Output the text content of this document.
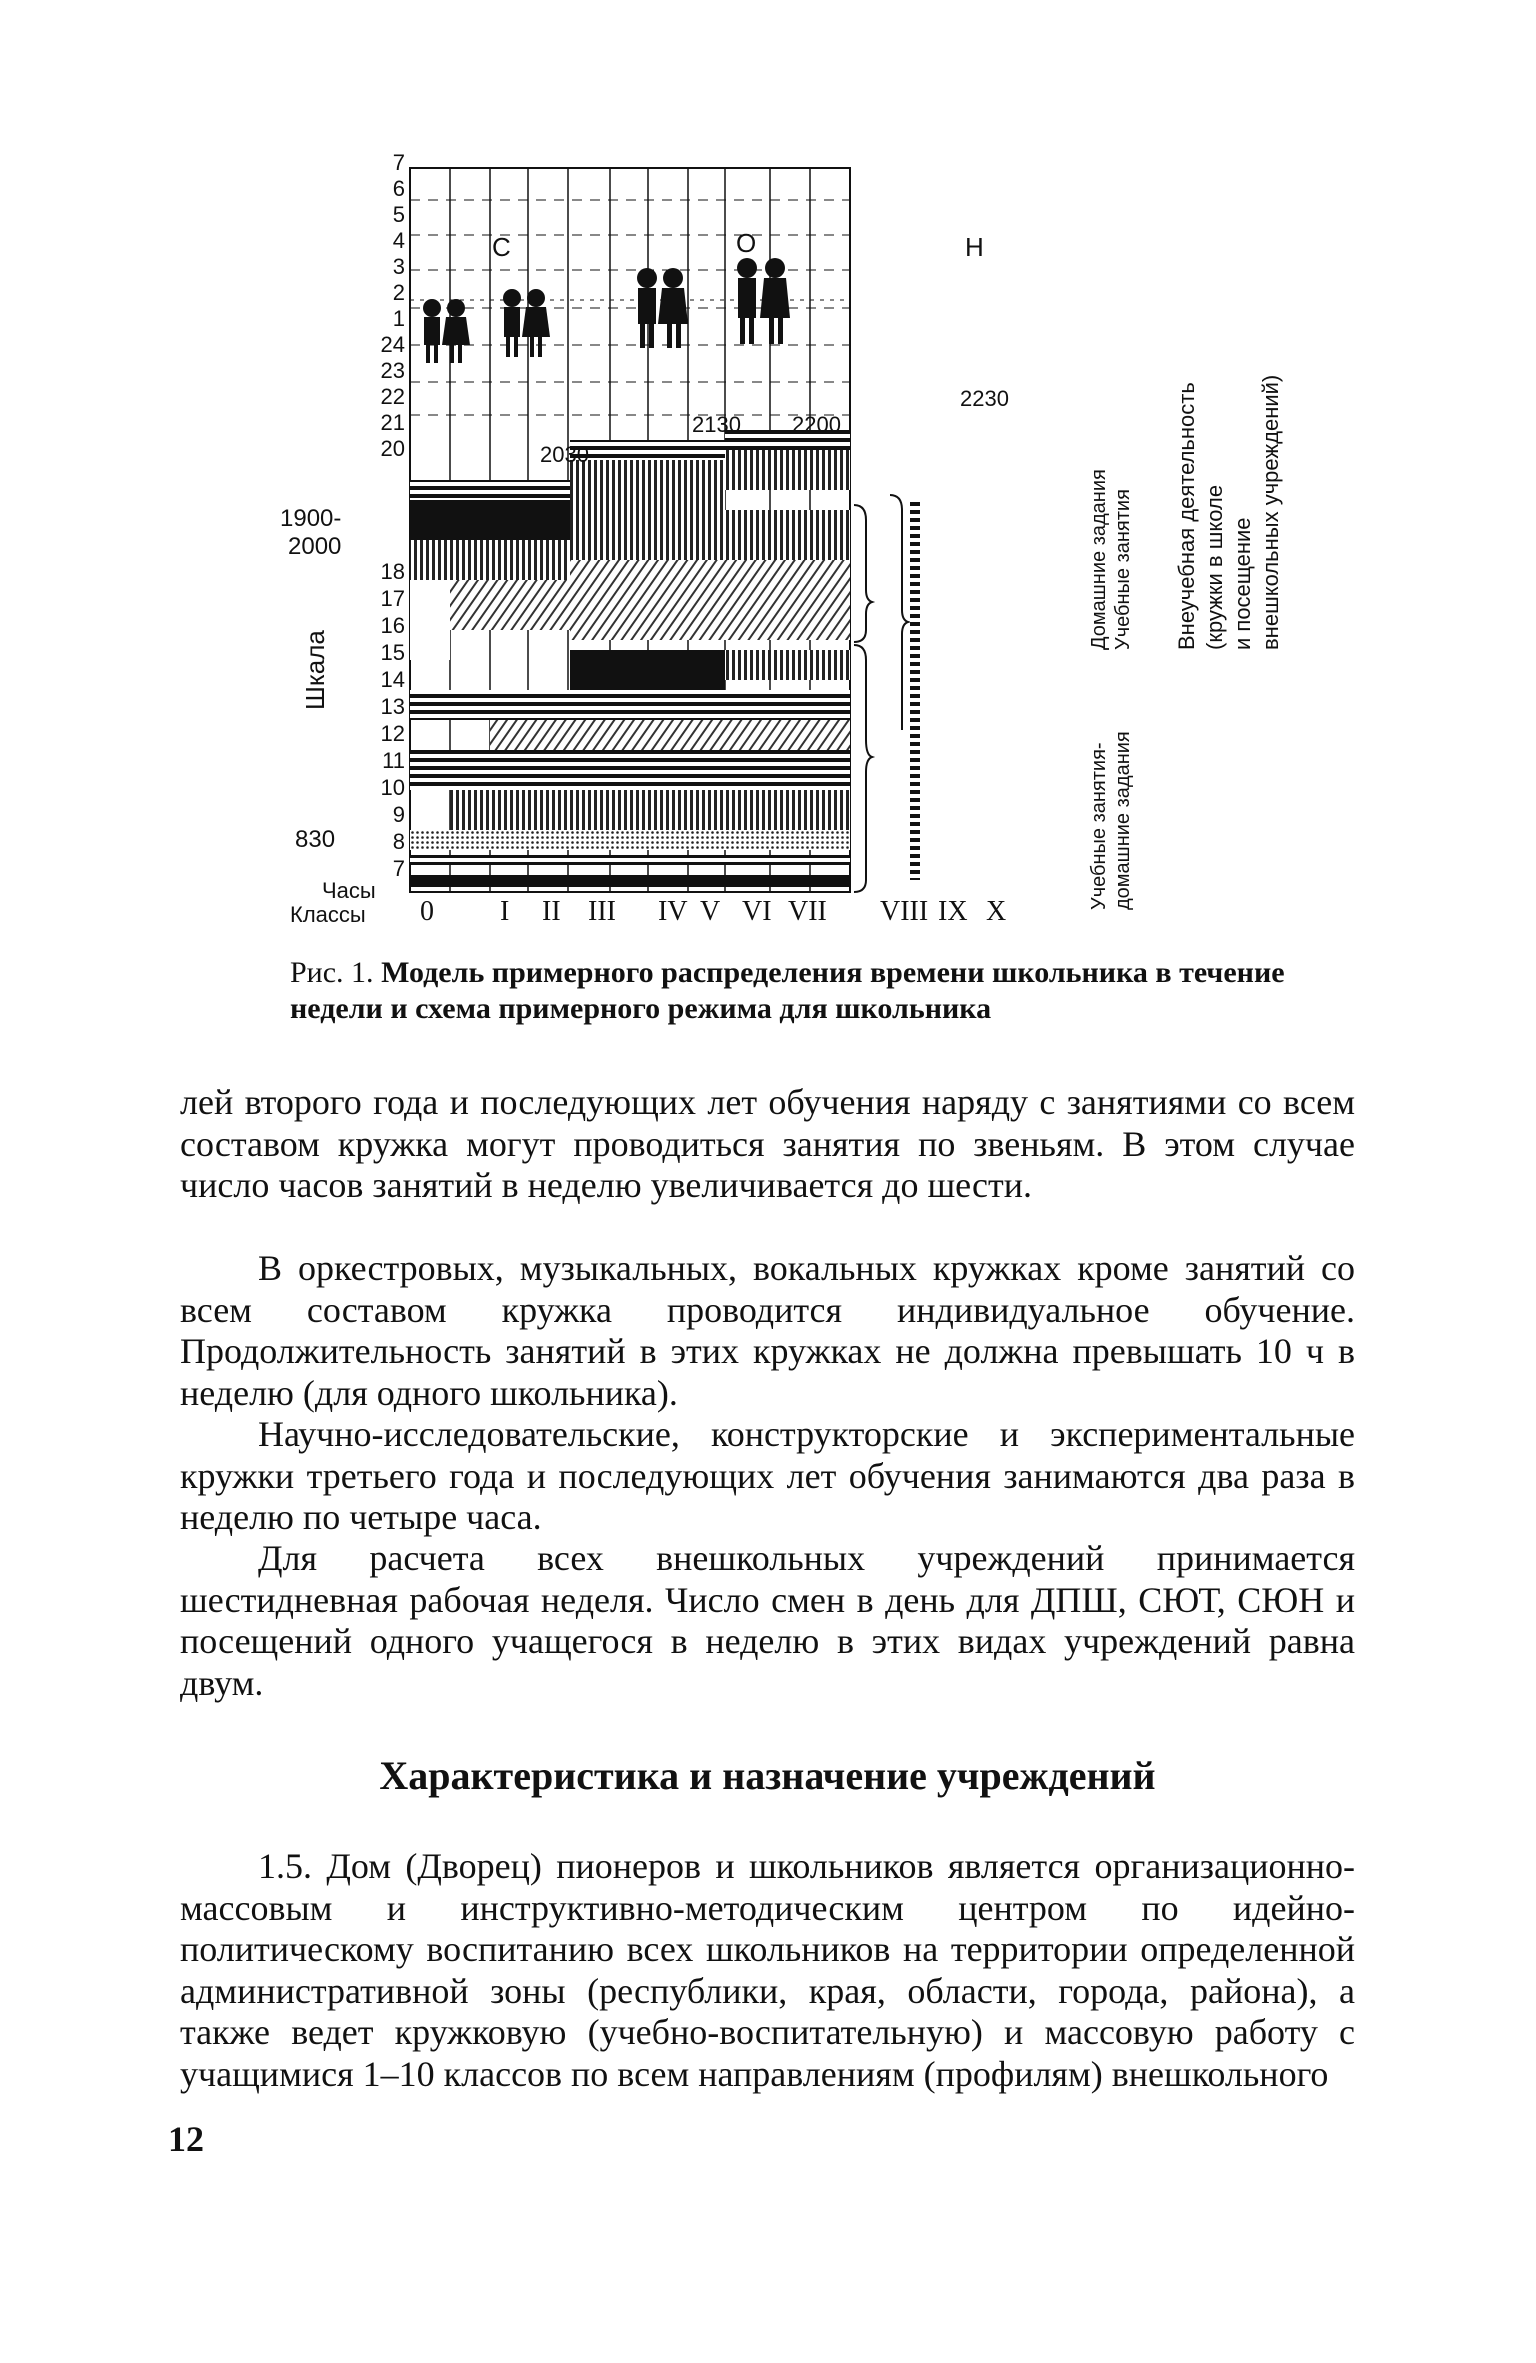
7
6
5
4
3
2
1
24
23
22
21
20
18
17
16
15
14
13
12
11
10
9
8
7
1900-
2000
830
Шкала
Часы
Классы
С	О	Н
2030
2130 2200
2230
0 I II III IV V VI VII VIII IX X
Домашние задания Учебные занятия
Учебные занятия- домашние задания
Внеучебная деятельность (кружки в школе и посещение внешкольных учреждений)

Рис. 1. Модель примерного распределения времени школьника в течение недели и схема примерного режима для школьника

лей второго года и последующих лет обучения наряду с занятиями со всем составом кружка могут проводиться занятия по звеньям. В этом случае число часов занятий в неделю увеличивается до шести.

В оркестровых, музыкальных, вокальных кружках кроме занятий со всем составом кружка проводится индивидуальное обучение. Продолжительность занятий в этих кружках не должна превышать 10 ч в неделю (для одного школьника).

Научно-исследовательские, конструкторские и экспериментальные кружки третьего года и последующих лет обучения занимаются два раза в неделю по четыре часа.

Для расчета всех внешкольных учреждений принимается шестидневная рабочая неделя. Число смен в день для ДПШ, СЮТ, СЮН и посещений одного учащегося в неделю в этих видах учреждений равна двум.

Характеристика и назначение учреждений

1.5. Дом (Дворец) пионеров и школьников является организационно-массовым и инструктивно-методическим центром по идейно-политическому воспитанию всех школьников на территории определенной административной зоны (республики, края, области, города, района), а также ведет кружковую (учебно-воспитательную) и массовую работу с учащимися 1–10 классов по всем направлениям (профилям) внешкольного

12
